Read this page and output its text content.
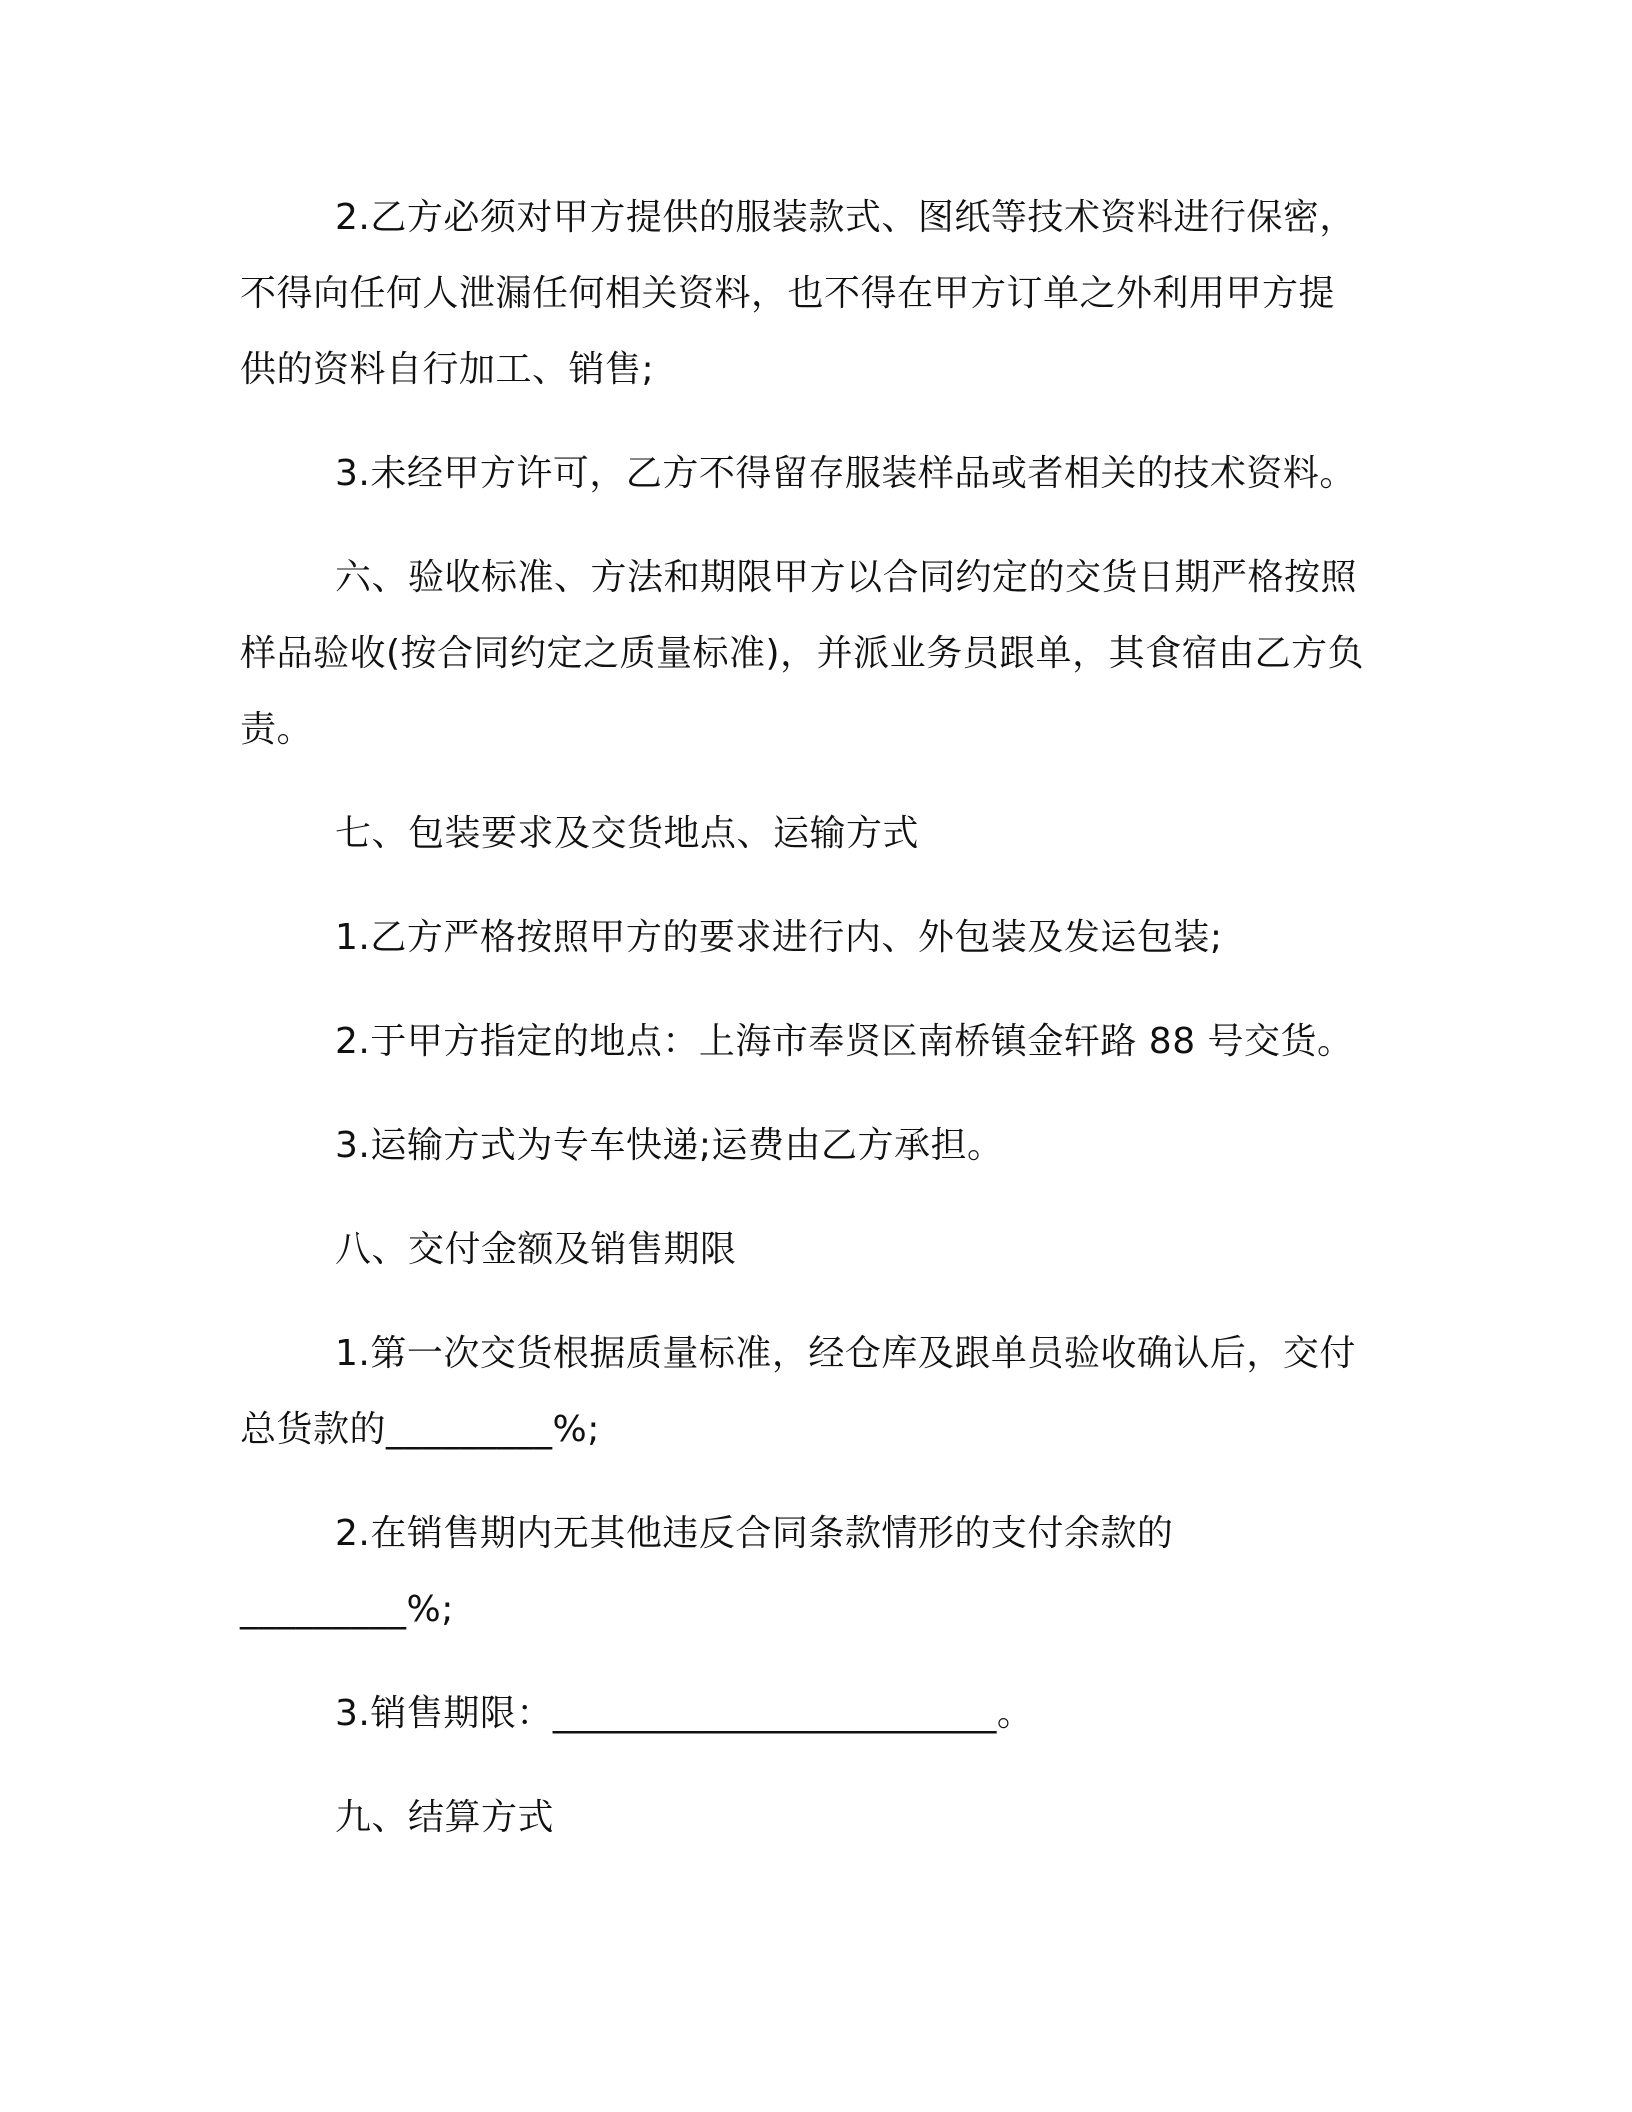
2.乙方必须对甲方提供的服装款式、图纸等技术资料进行保密，
不得向任何人泄漏任何相关资料，也不得在甲方订单之外利用甲方提
供的资料自行加工、销售;
3.未经甲方许可，乙方不得留存服装样品或者相关的技术资料。
六、验收标准、方法和期限甲方以合同约定的交货日期严格按照
样品验收(按合同约定之质量标准)，并派业务员跟单，其食宿由乙方负
责。
七、包装要求及交货地点、运输方式
1.乙方严格按照甲方的要求进行内、外包装及发运包装;
2.于甲方指定的地点：上海市奉贤区南桥镇金轩路 88 号交货。
3.运输方式为专车快递;运费由乙方承担。
八、交付金额及销售期限
1.第一次交货根据质量标准，经仓库及跟单员验收确认后，交付
总货款的_________%;
2.在销售期内无其他违反合同条款情形的支付余款的
_________%;
3.销售期限：________________________。
九、结算方式
